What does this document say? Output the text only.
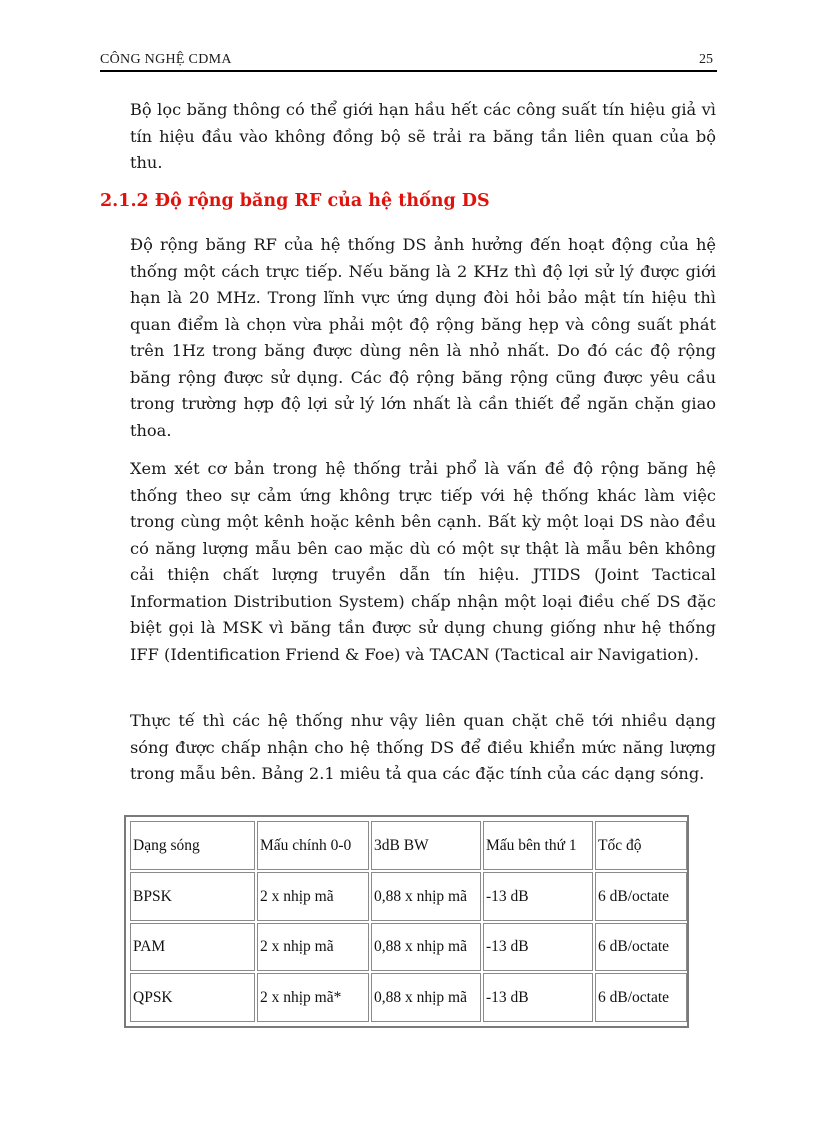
CÔNG NGHỆ CDMA	25

Bộ lọc băng thông có thể giới hạn hầu hết các công suất tín hiệu giả vì tín hiệu đầu vào không đồng bộ sẽ trải ra băng tần liên quan của bộ thu.

2.1.2 Độ rộng băng RF của hệ thống DS

Độ rộng băng RF của hệ thống DS ảnh hưởng đến hoạt động của hệ thống một cách trực tiếp. Nếu băng là 2 KHz thì độ lợi sử lý được giới hạn là 20 MHz. Trong lĩnh vực ứng dụng đòi hỏi bảo mật tín hiệu thì quan điểm là chọn vừa phải một độ rộng băng hẹp và công suất phát trên 1Hz trong băng được dùng nên là nhỏ nhất. Do đó các độ rộng băng rộng được sử dụng. Các độ rộng băng rộng cũng được yêu cầu trong trường hợp độ lợi sử lý lớn nhất là cần thiết để ngăn chặn giao thoa.

Xem xét cơ bản trong hệ thống trải phổ là vấn đề độ rộng băng hệ thống theo sự cảm ứng không trực tiếp với hệ thống khác làm việc trong cùng một kênh hoặc kênh bên cạnh. Bất kỳ một loại DS nào đều có năng lượng mẫu bên cao mặc dù có một sự thật là mẫu bên không cải thiện chất lượng truyền dẫn tín hiệu. JTIDS (Joint Tactical Information Distribution System) chấp nhận một loại điều chế DS đặc biệt gọi là MSK vì băng tần được sử dụng chung giống như hệ thống IFF (Identification Friend & Foe) và TACAN (Tactical air Navigation).

Thực tế thì các hệ thống như vậy liên quan chặt chẽ tới nhiều dạng sóng được chấp nhận cho hệ thống DS để điều khiển mức năng lượng trong mẫu bên. Bảng 2.1 miêu tả qua các đặc tính của các dạng sóng.

Dạng sóng	Mấu chính 0-0	3dB BW	Mấu bên thứ 1	Tốc độ
BPSK	2 x nhịp mã	0,88 x nhịp mã	-13 dB	6 dB/octate
PAM	2 x nhịp mã	0,88 x nhịp mã	-13 dB	6 dB/octate
QPSK	2 x nhịp mã*	0,88 x nhịp mã	-13 dB	6 dB/octate
